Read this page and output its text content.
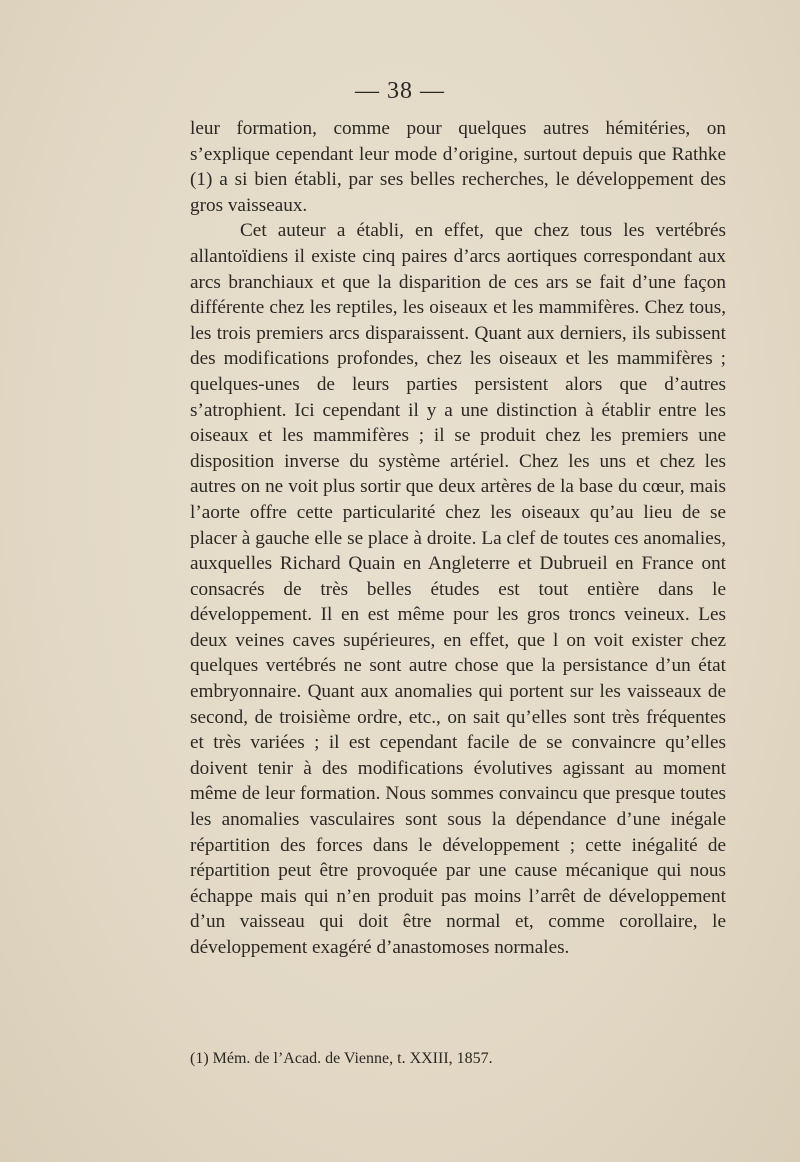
— 38 —

leur formation, comme pour quelques autres hémitéries, on s’explique cependant leur mode d’origine, surtout depuis que Rathke (1) a si bien établi, par ses belles recherches, le développement des gros vaisseaux.

Cet auteur a établi, en effet, que chez tous les vertébrés allantoïdiens il existe cinq paires d’arcs aortiques correspondant aux arcs branchiaux et que la disparition de ces ars se fait d’une façon différente chez les reptiles, les oiseaux et les mammifères. Chez tous, les trois premiers arcs disparaissent. Quant aux derniers, ils subissent des modifications profondes, chez les oiseaux et les mammifères ; quelques-unes de leurs parties persistent alors que d’autres s’atrophient. Ici cependant il y a une distinction à établir entre les oiseaux et les mammifères ; il se produit chez les premiers une disposition inverse du système artériel. Chez les uns et chez les autres on ne voit plus sortir que deux artères de la base du cœur, mais l’aorte offre cette particularité chez les oiseaux qu’au lieu de se placer à gauche elle se place à droite. La clef de toutes ces anomalies, auxquelles Richard Quain en Angleterre et Dubrueil en France ont consacrés de très belles études est tout entière dans le développement. Il en est même pour les gros troncs veineux. Les deux veines caves supérieures, en effet, que l on voit exister chez quelques vertébrés ne sont autre chose que la persistance d’un état embryonnaire. Quant aux anomalies qui portent sur les vaisseaux de second, de troisième ordre, etc., on sait qu’elles sont très fréquentes et très variées ; il est cependant facile de se convaincre qu’elles doivent tenir à des modifications évolutives agissant au moment même de leur formation. Nous sommes convaincu que presque toutes les anomalies vasculaires sont sous la dépendance d’une inégale répartition des forces dans le développement ; cette inégalité de répartition peut être provoquée par une cause mécanique qui nous échappe mais qui n’en produit pas moins l’arrêt de développement d’un vaisseau qui doit être normal et, comme corollaire, le développement exagéré d’anastomoses normales.

(1) Mém. de l’Acad. de Vienne, t. XXIII, 1857.
